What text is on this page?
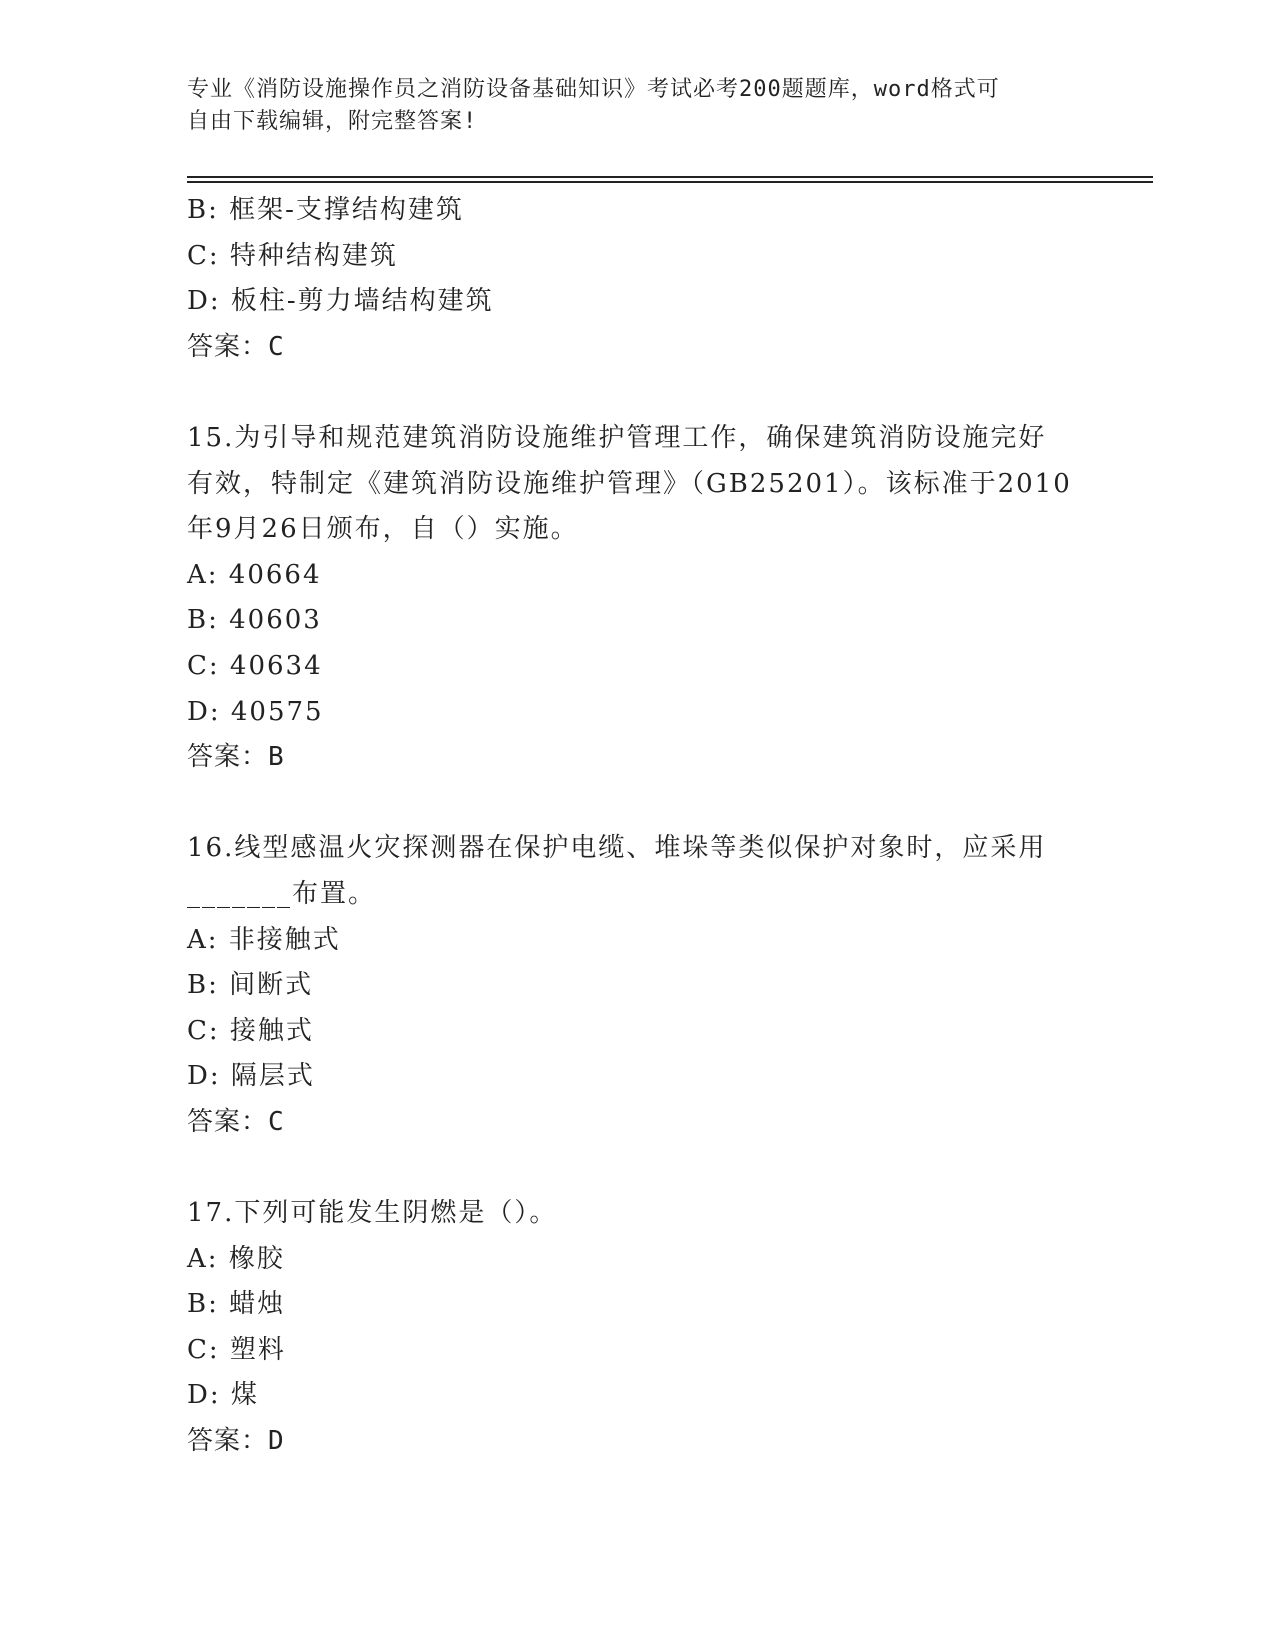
专业《消防设施操作员之消防设备基础知识》考试必考200题题库，word格式可
自由下载编辑，附完整答案!
B: 框架-支撑结构建筑
C: 特种结构建筑
D: 板柱-剪力墙结构建筑
答案：C
15.为引导和规范建筑消防设施维护管理工作，确保建筑消防设施完好
有效，特制定《建筑消防设施维护管理》（GB25201）。该标准于2010
年9月26日颁布，自（）实施。
A: 40664
B: 40603
C: 40634
D: 40575
答案：B
16.线型感温火灾探测器在保护电缆、堆垛等类似保护对象时，应采用
_______布置。
A: 非接触式
B: 间断式
C: 接触式
D: 隔层式
答案：C
17.下列可能发生阴燃是（）。
A: 橡胶
B: 蜡烛
C: 塑料
D: 煤
答案：D
